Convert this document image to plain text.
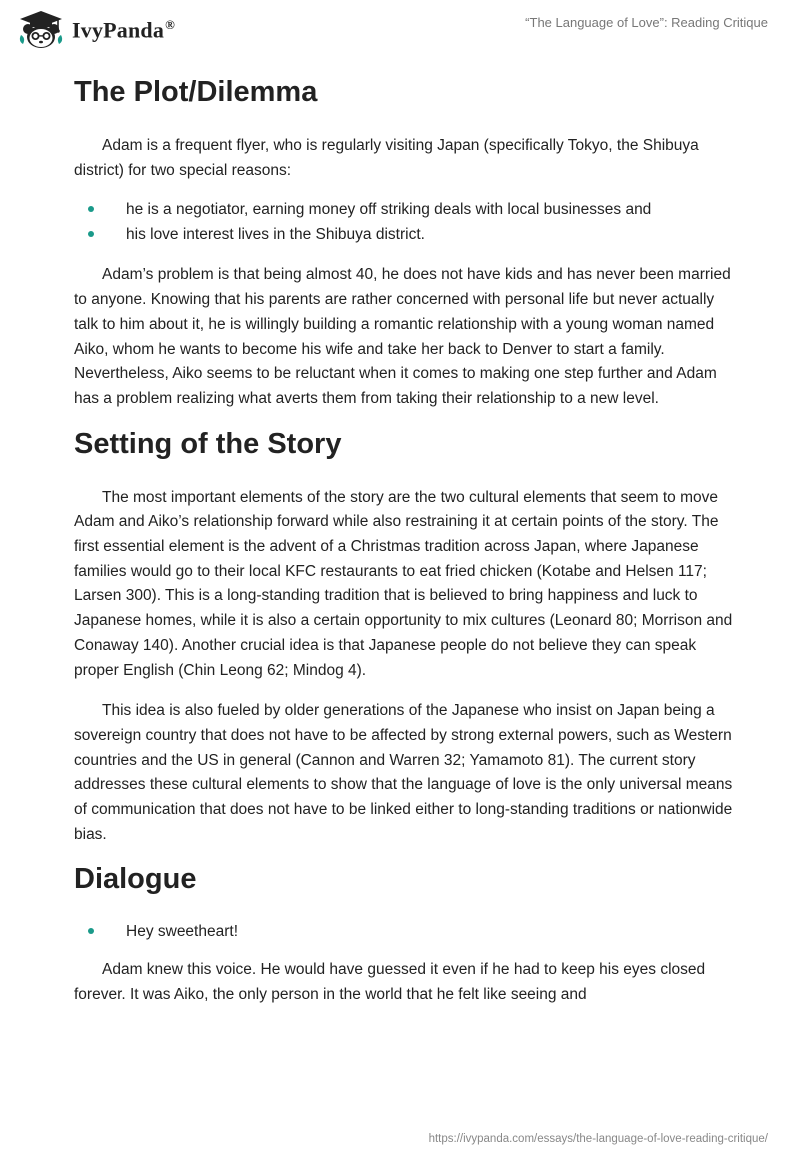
IvyPanda®	“The Language of Love”: Reading Critique
The Plot/Dilemma

Adam is a frequent flyer, who is regularly visiting Japan (specifically Tokyo, the Shibuya district) for two special reasons:

he is a negotiator, earning money off striking deals with local businesses and
his love interest lives in the Shibuya district.

Adam’s problem is that being almost 40, he does not have kids and has never been married to anyone. Knowing that his parents are rather concerned with personal life but never actually talk to him about it, he is willingly building a romantic relationship with a young woman named Aiko, whom he wants to become his wife and take her back to Denver to start a family. Nevertheless, Aiko seems to be reluctant when it comes to making one step further and Adam has a problem realizing what averts them from taking their relationship to a new level.

Setting of the Story

The most important elements of the story are the two cultural elements that seem to move Adam and Aiko’s relationship forward while also restraining it at certain points of the story. The first essential element is the advent of a Christmas tradition across Japan, where Japanese families would go to their local KFC restaurants to eat fried chicken (Kotabe and Helsen 117; Larsen 300). This is a long-standing tradition that is believed to bring happiness and luck to Japanese homes, while it is also a certain opportunity to mix cultures (Leonard 80; Morrison and Conaway 140). Another crucial idea is that Japanese people do not believe they can speak proper English (Chin Leong 62; Mindog 4).

This idea is also fueled by older generations of the Japanese who insist on Japan being a sovereign country that does not have to be affected by strong external powers, such as Western countries and the US in general (Cannon and Warren 32; Yamamoto 81). The current story addresses these cultural elements to show that the language of love is the only universal means of communication that does not have to be linked either to long-standing traditions or nationwide bias.

Dialogue
Hey sweetheart!

Adam knew this voice. He would have guessed it even if he had to keep his eyes closed forever. It was Aiko, the only person in the world that he felt like seeing and

https://ivypanda.com/essays/the-language-of-love-reading-critique/
